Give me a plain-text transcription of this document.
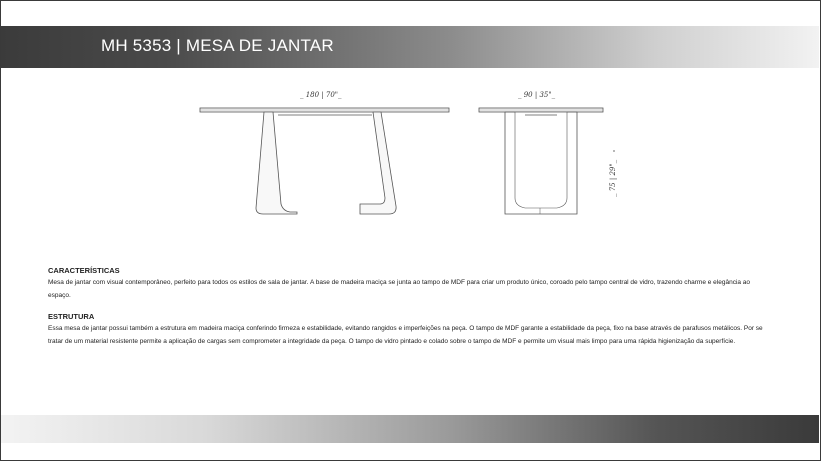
MH 5353 | MESA DE JANTAR
_ 180 | 70"_	_ 90 | 35"_
_ 75 | 29"_
CARACTERÍSTICAS
Mesa de jantar com visual contemporâneo, perfeito para todos os estilos de sala de jantar. A base de madeira maciça se junta ao tampo de MDF para criar um produto único, coroado pelo tampo central de vidro, trazendo charme e elegância ao espaço.
ESTRUTURA
Essa mesa de jantar possui também a estrutura em madeira maciça conferindo firmeza e estabilidade, evitando rangidos e imperfeições na peça. O tampo de MDF garante a estabilidade da peça, fixo na base através de parafusos metálicos. Por se tratar de um material resistente permite a aplicação de cargas sem comprometer a integridade da peça. O tampo de vidro pintado e colado sobre o tampo de MDF e permite um visual mais limpo para uma rápida higienização da superfície.
